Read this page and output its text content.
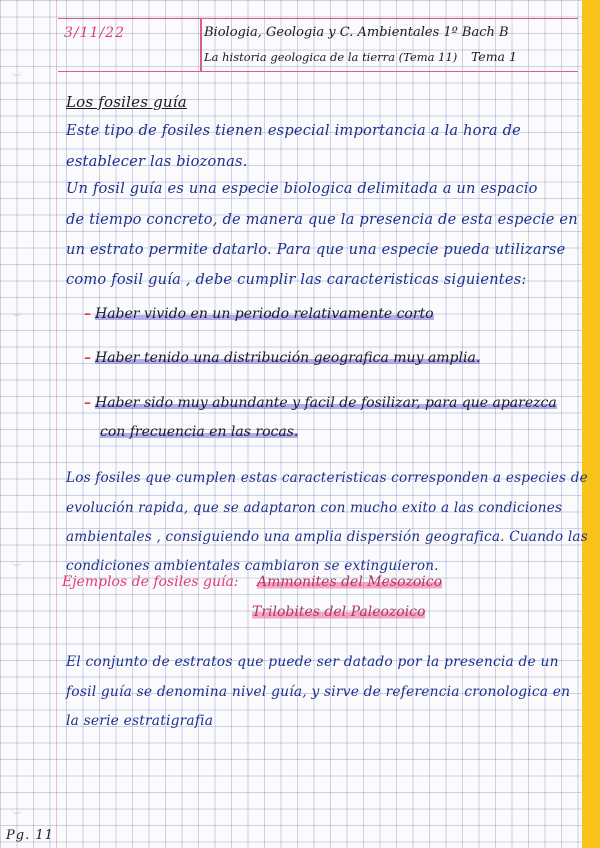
3/11/22	Biologia, Geologia y C. Ambientales 1º Bach B
La historia geologica de la tierra (Tema 11) Tema 1
Los fosiles guía
Este tipo de fosiles tienen especial importancia a la hora de
establecer las biozonas.
Un fosil guía es una especie biologica delimitada a un espacio
de tiempo concreto, de manera que la presencia de esta especie en
un estrato permite datarlo. Para que una especie pueda utilizarse
como fosil guía , debe cumplir las caracteristicas siguientes:
– Haber vivido en un periodo relativamente corto
– Haber tenido una distribución geografica muy amplia.
– Haber sido muy abundante y facil de fosilizar, para que aparezca
con frecuencia en las rocas.
Los fosiles que cumplen estas caracteristicas corresponden a especies de
evolución rapida, que se adaptaron con mucho exito a las condiciones
ambientales , consiguiendo una amplia dispersión geografica. Cuando las
condiciones ambientales cambiaron se extinguieron.
Ejemplos de fosiles guía: Ammonites del Mesozoico
Trilobites del Paleozoico
El conjunto de estratos que puede ser datado por la presencia de un
fosil guía se denomina nivel guía, y sirve de referencia cronologica en
la serie estratigrafia
Pg. 11
